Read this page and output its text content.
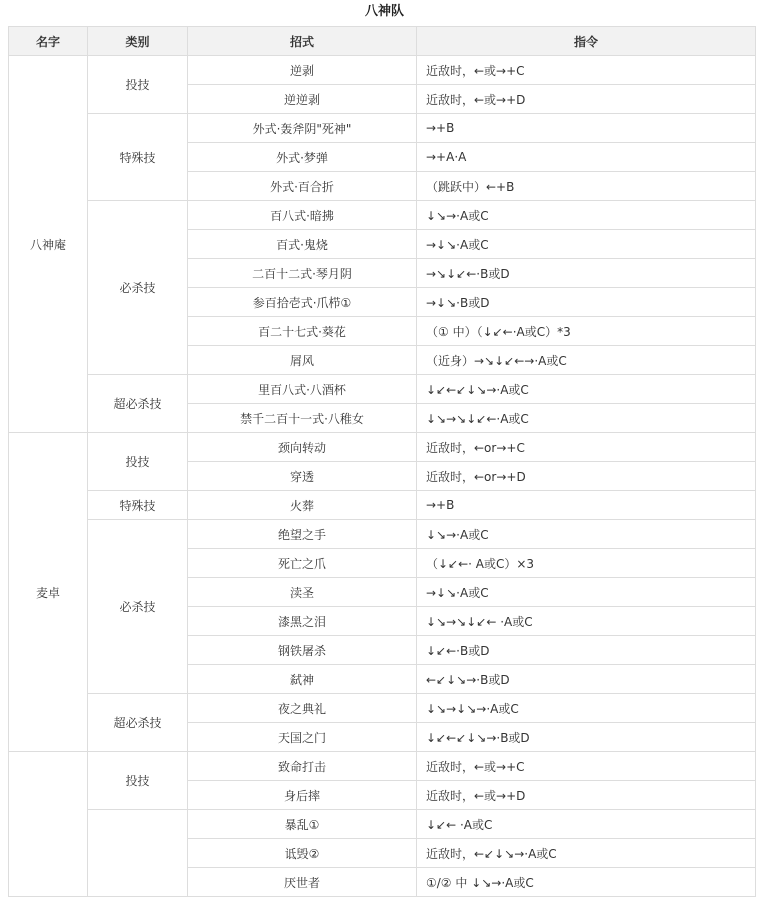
八神队
名字	类别	招式	指令
八神庵	投技	逆剥	近敌时，←或→+C
		逆逆剥	近敌时，←或→+D
	特殊技	外式·轰斧阴"死神"	→+B
		外式·梦弹	→+A·A
		外式·百合折	（跳跃中）←+B
	必杀技	百八式·暗拂	↓↘→·A或C
		百式·鬼烧	→↓↘·A或C
		二百十二式·琴月阴	→↘↓↙←·B或D
		参百拾壱式·爪栉①	→↓↘·B或D
		百二十七式·葵花	（① 中）（↓↙←·A或C）*3
		屑风	（近身）→↘↓↙←→·A或C
	超必杀技	里百八式·八酒杯	↓↙←↙↓↘→·A或C
		禁千二百十一式·八稚女	↓↘→↘↓↙←·A或C
麦卓	投技	颈向转动	近敌时，←or→+C
		穿透	近敌时，←or→+D
	特殊技	火葬	→+B
	必杀技	绝望之手	↓↘→·A或C
		死亡之爪	（↓↙←· A或C）×3
		渎圣	→↓↘·A或C
		漆黑之泪	↓↘→↘↓↙← ·A或C
		钢铁屠杀	↓↙←·B或D
		弑神	←↙↓↘→·B或D
	超必杀技	夜之典礼	↓↘→↓↘→·A或C
		天国之门	↓↙←↙↓↘→·B或D
	投技	致命打击	近敌时，←或→+C
		身后摔	近敌时，←或→+D
		暴乱①	↓↙← ·A或C
		诋毁②	近敌时，←↙↓↘→·A或C
		厌世者	①/② 中 ↓↘→·A或C
